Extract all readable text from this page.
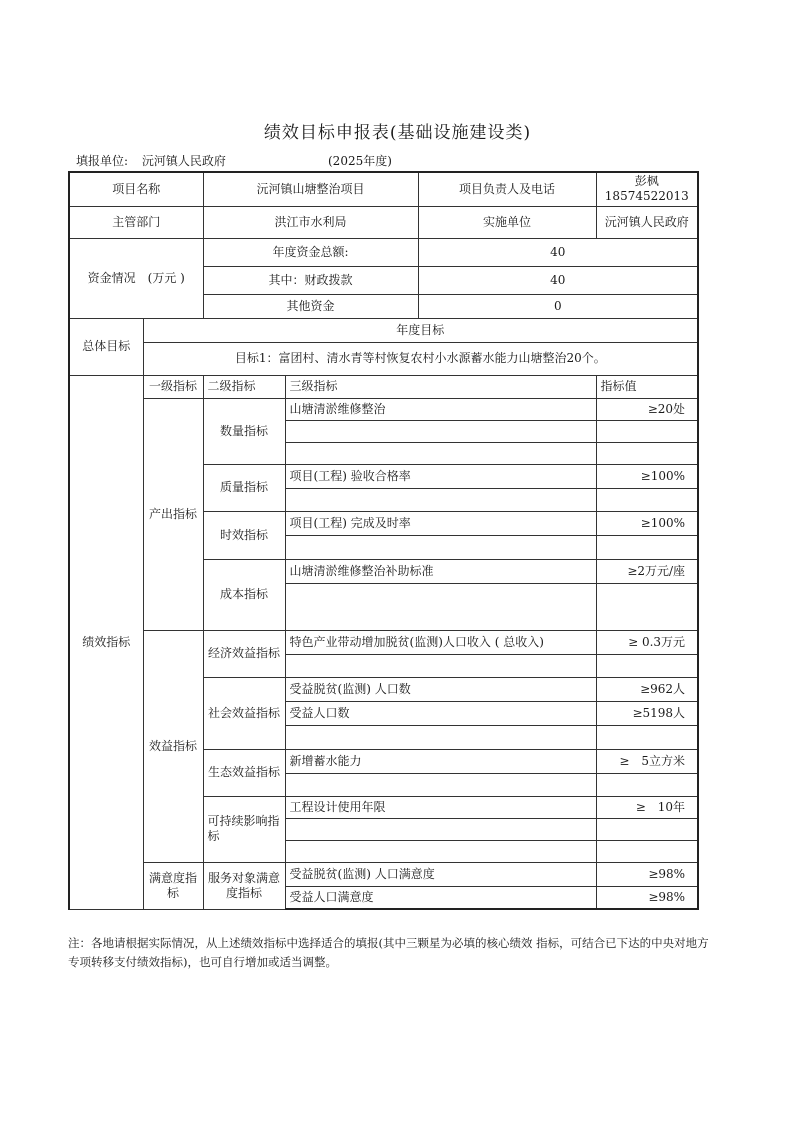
绩效目标申报表(基础设施建设类)
填报单位: 沅河镇人民政府	(2025年度)
项目名称		沅河镇山塘整治项目		项目负责人及电话	彭枫18574522013
主管部门		洪江市水利局		实施单位	沅河镇人民政府
资金情况　(万元 )		年度资金总额:		40	
		其中：财政拨款		40	
		其他资金		0	
总体目标	年度目标				
	目标1：富团村、清水青等村恢复农村小水源蓄水能力山塘整治20个。				
绩效指标	一级指标	二级指标	三级指标		指标值
	产出指标	数量指标	山塘清淤维修整治		≥20处

		质量指标	项目(工程) 验收合格率		≥100%

		时效指标	项目(工程) 完成及时率		≥100%

		成本指标	山塘清淤维修整治补助标准		≥2万元/座

	效益指标	经济效益指标	特色产业带动增加脱贫(监测)人口收入 ( 总收入)		≥ 0.3万元

		社会效益指标	受益脱贫(监测) 人口数		≥962人
			受益人口数		≥5198人

		生态效益指标	新增蓄水能力		≥　5立方米

		可持续影响指标	工程设计使用年限		≥　10年

	满意度指标	服务对象满意度指标	受益脱贫(监测) 人口满意度		≥98%
			受益人口满意度		≥98%
注：各地请根据实际情况，从上述绩效指标中选择适合的填报(其中三颗星为必填的核心绩效 指标，可结合已下达的中央对地方专项转移支付绩效指标)，也可自行增加或适当调整。
